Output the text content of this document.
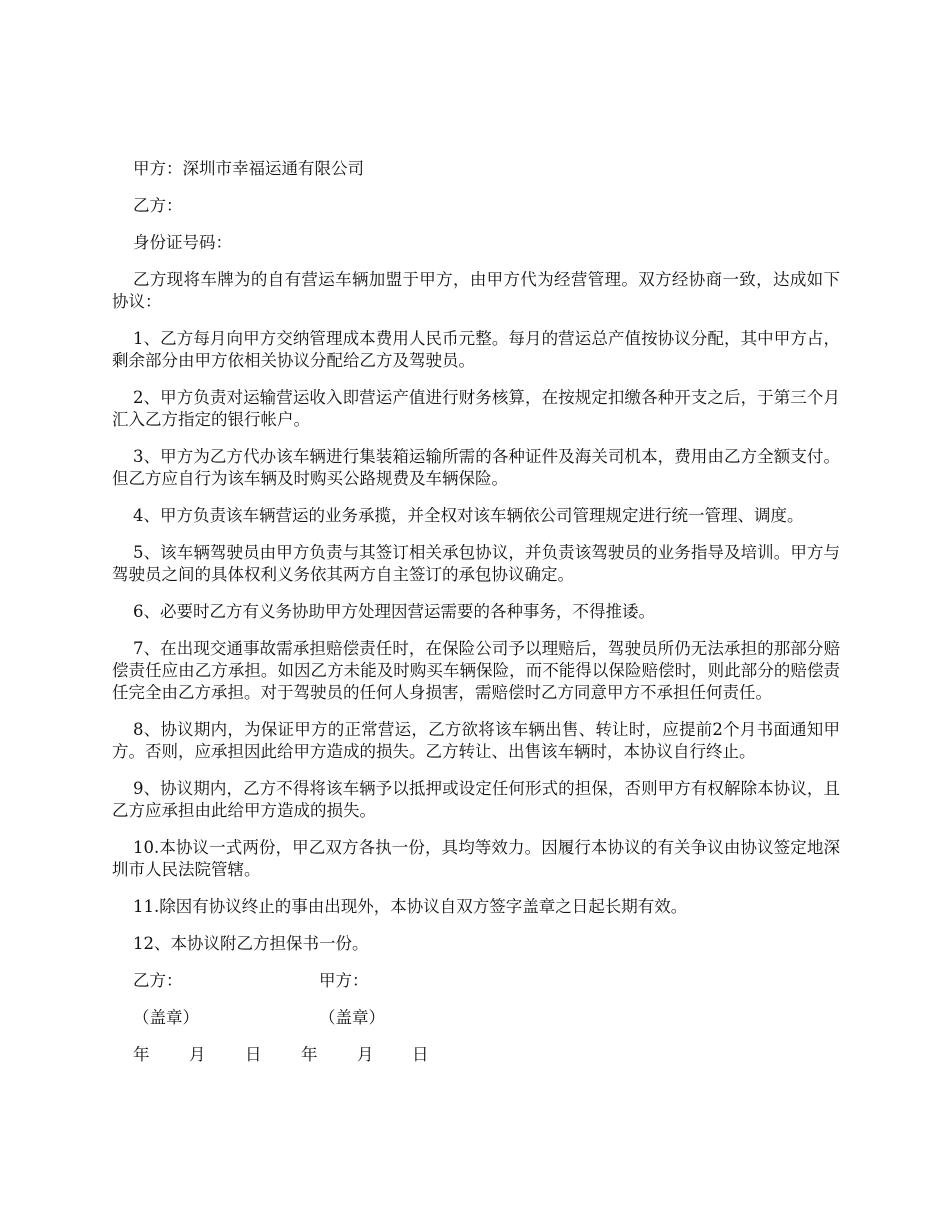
甲方：深圳市幸福运通有限公司

乙方：

身份证号码：

乙方现将车牌为的自有营运车辆加盟于甲方，由甲方代为经营管理。双方经协商一致，达成如下协议：

1、乙方每月向甲方交纳管理成本费用人民币元整。每月的营运总产值按协议分配，其中甲方占，剩余部分由甲方依相关协议分配给乙方及驾驶员。

2、甲方负责对运输营运收入即营运产值进行财务核算，在按规定扣缴各种开支之后，于第三个月汇入乙方指定的银行帐户。

3、甲方为乙方代办该车辆进行集装箱运输所需的各种证件及海关司机本，费用由乙方全额支付。但乙方应自行为该车辆及时购买公路规费及车辆保险。

4、甲方负责该车辆营运的业务承揽，并全权对该车辆依公司管理规定进行统一管理、调度。

5、该车辆驾驶员由甲方负责与其签订相关承包协议，并负责该驾驶员的业务指导及培训。甲方与驾驶员之间的具体权利义务依其两方自主签订的承包协议确定。

6、必要时乙方有义务协助甲方处理因营运需要的各种事务，不得推诿。

7、在出现交通事故需承担赔偿责任时，在保险公司予以理赔后，驾驶员所仍无法承担的那部分赔偿责任应由乙方承担。如因乙方未能及时购买车辆保险，而不能得以保险赔偿时，则此部分的赔偿责任完全由乙方承担。对于驾驶员的任何人身损害，需赔偿时乙方同意甲方不承担任何责任。

8、协议期内，为保证甲方的正常营运，乙方欲将该车辆出售、转让时，应提前2个月书面通知甲方。否则，应承担因此给甲方造成的损失。乙方转让、出售该车辆时，本协议自行终止。

9、协议期内，乙方不得将该车辆予以抵押或设定任何形式的担保，否则甲方有权解除本协议，且乙方应承担由此给甲方造成的损失。

10.本协议一式两份，甲乙双方各执一份，具均等效力。因履行本协议的有关争议由协议签定地深圳市人民法院管辖。

11.除因有协议终止的事由出现外，本协议自双方签字盖章之日起长期有效。

12、本协议附乙方担保书一份。

乙方：	甲方：
（盖章）	（盖章）
年 月 日 年 月 日
